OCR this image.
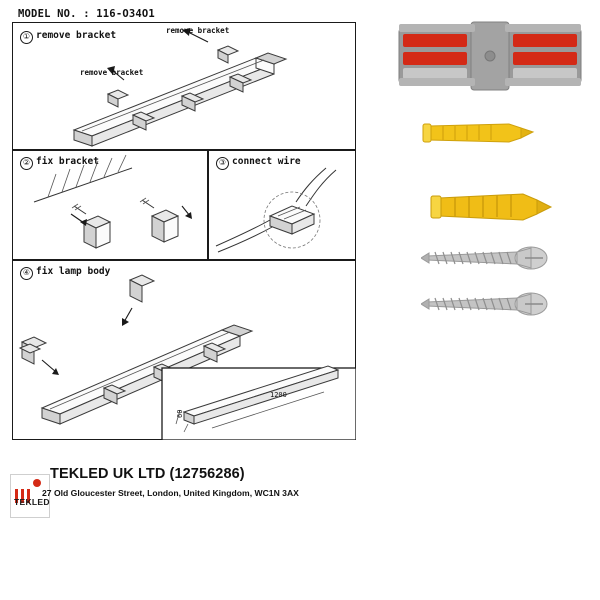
MODEL NO. : 116-O34O1
① remove bracket	remove bracket
remove bracket
② fix bracket	③ connect wire
④ fix lamp body
1200
60
TEKLED
TEKLED UK LTD (12756286)
27 Old Gloucester Street, London, United Kingdom, WC1N 3AX
